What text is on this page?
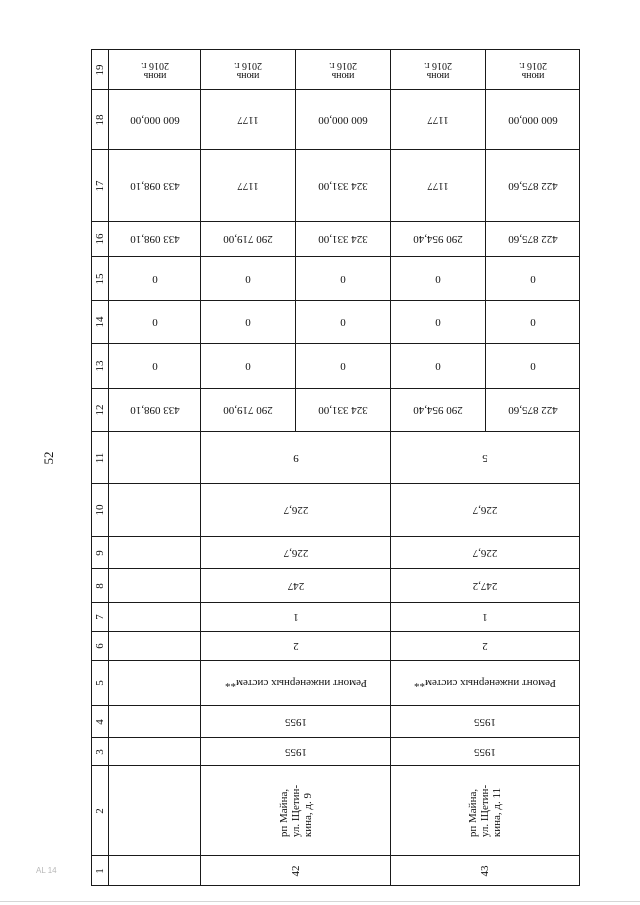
52
AL 14	1
2
3
4
5
6
7
8
9
10
11
12
13
14
15
16
17
18
19
42
рп Майна, ул. Щетин- кина, д. 9
1955
1955
Ремонт инженерных систем**
2
1
247
226,7
226,7
9
43
рп Майна, ул. Щетин- кина, д. 11
1955
1955
Ремонт инженерных систем**
2
1
247,2
226,7
226,7
5
433 098,10
0
0
0
433 098,10
433 098,10
600 000,00
июнь
2016 г.
290 719,00
0
0
0
290 719,00
1177
1177
июнь
2016 г.
324 331,00
0
0
0
324 331,00
324 331,00
600 000,00
июнь
2016 г.
290 954,40
0
0
0
290 954,40
1177
1177
июнь
2016 г.
422 875,60
0
0
0
422 875,60
422 875,60
600 000,00
июнь
2016 г.
